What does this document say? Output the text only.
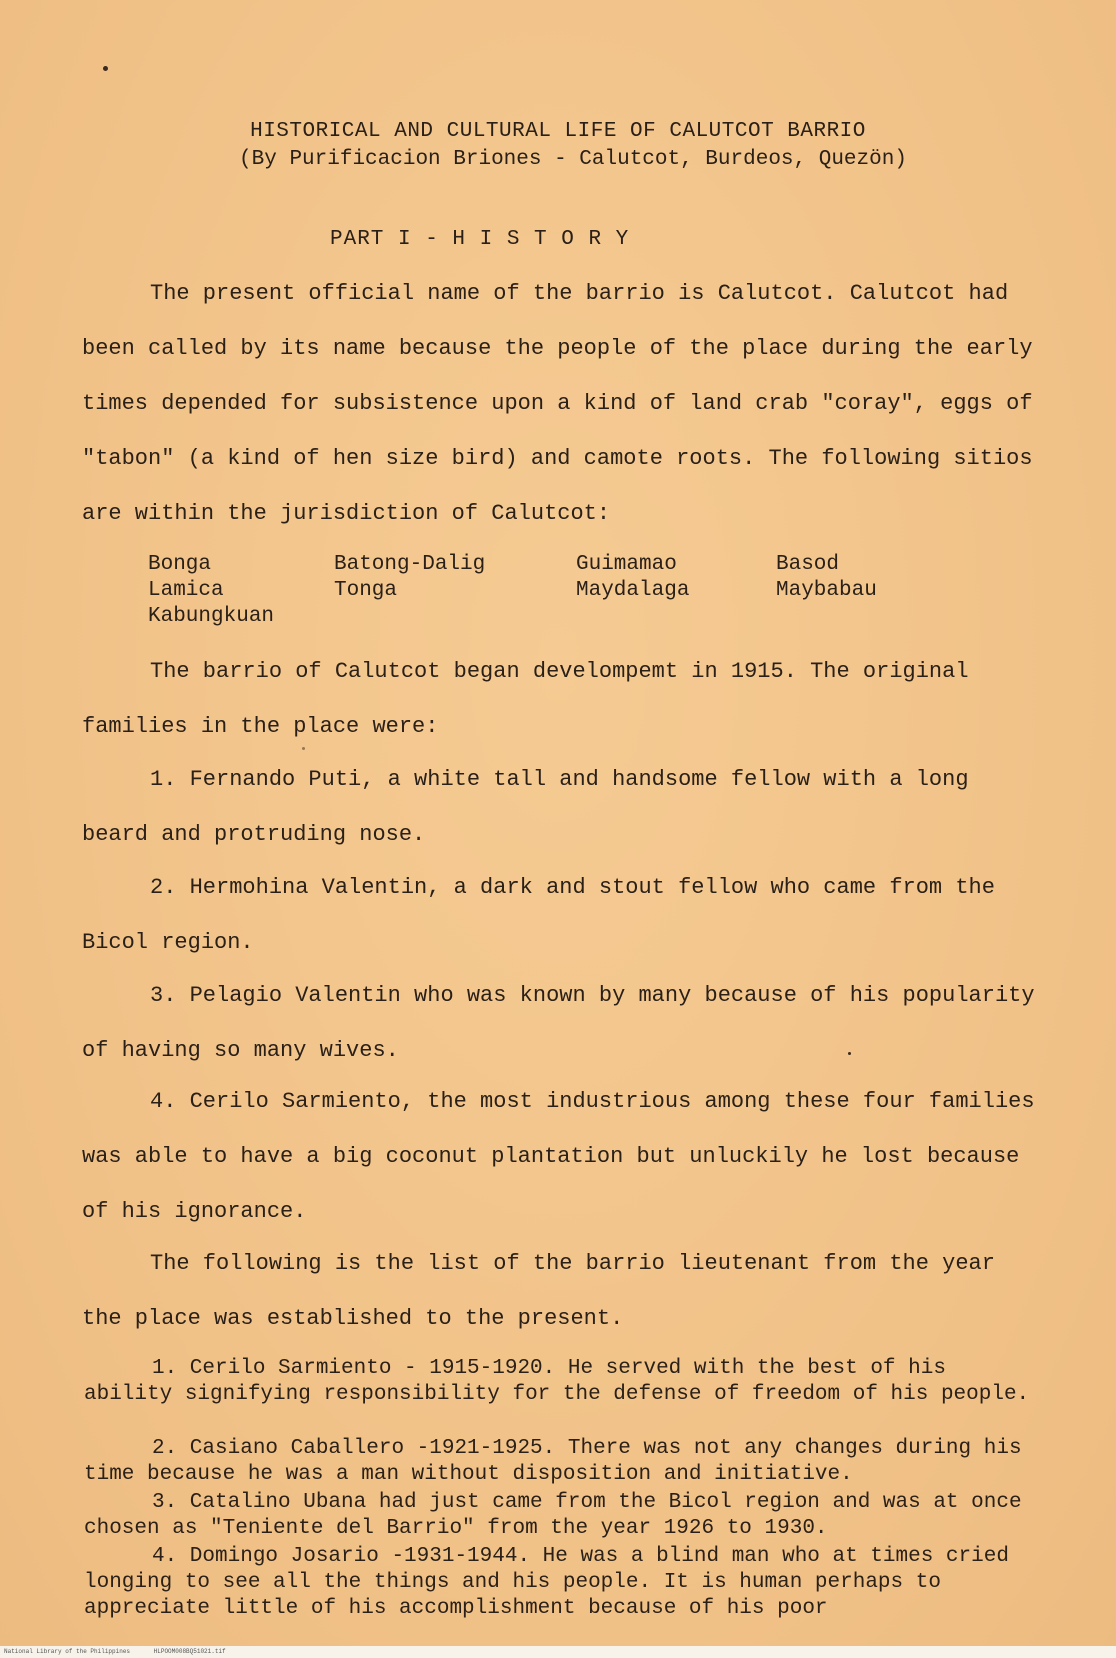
HISTORICAL AND CULTURAL LIFE OF CALUTCOT BARRIO
(By Purificacion Briones - Calutcot, Burdeos, Quezön)
PART I - H I S T O R Y
The present official name of the barrio is Calutcot. Calutcot had been called by its name because the people of the place during the early times depended for subsistence upon a kind of land crab "coray", eggs of "tabon" (a kind of hen size bird) and camote roots. The following sitios are within the jurisdiction of Calutcot:
Bonga	Batong-Dalig	Guimamao	Basod
Lamica	Tonga	Maydalaga	Maybabau
Kabungkuan
The barrio of Calutcot began develompemt in 1915. The original families in the place were:
1. Fernando Puti, a white tall and handsome fellow with a long beard and protruding nose.
2. Hermohina Valentin, a dark and stout fellow who came from the Bicol region.
3. Pelagio Valentin who was known by many because of his popularity of having so many wives.
4. Cerilo Sarmiento, the most industrious among these four families was able to have a big coconut plantation but unluckily he lost because of his ignorance.
The following is the list of the barrio lieutenant from the year the place was established to the present.
1. Cerilo Sarmiento - 1915-1920. He served with the best of his ability signifying responsibility for the defense of freedom of his people.
2. Casiano Caballero -1921-1925. There was not any changes during his time because he was a man without disposition and initiative.
3. Catalino Ubana had just came from the Bicol region and was at once chosen as "Teniente del Barrio" from the year 1926 to 1930.
4. Domingo Josario -1931-1944. He was a blind man who at times cried longing to see all the things and his people. It is human perhaps to appreciate little of his accomplishment because of his poor
National Library of the Philippines	HLPOOM008BQ51021.tif
